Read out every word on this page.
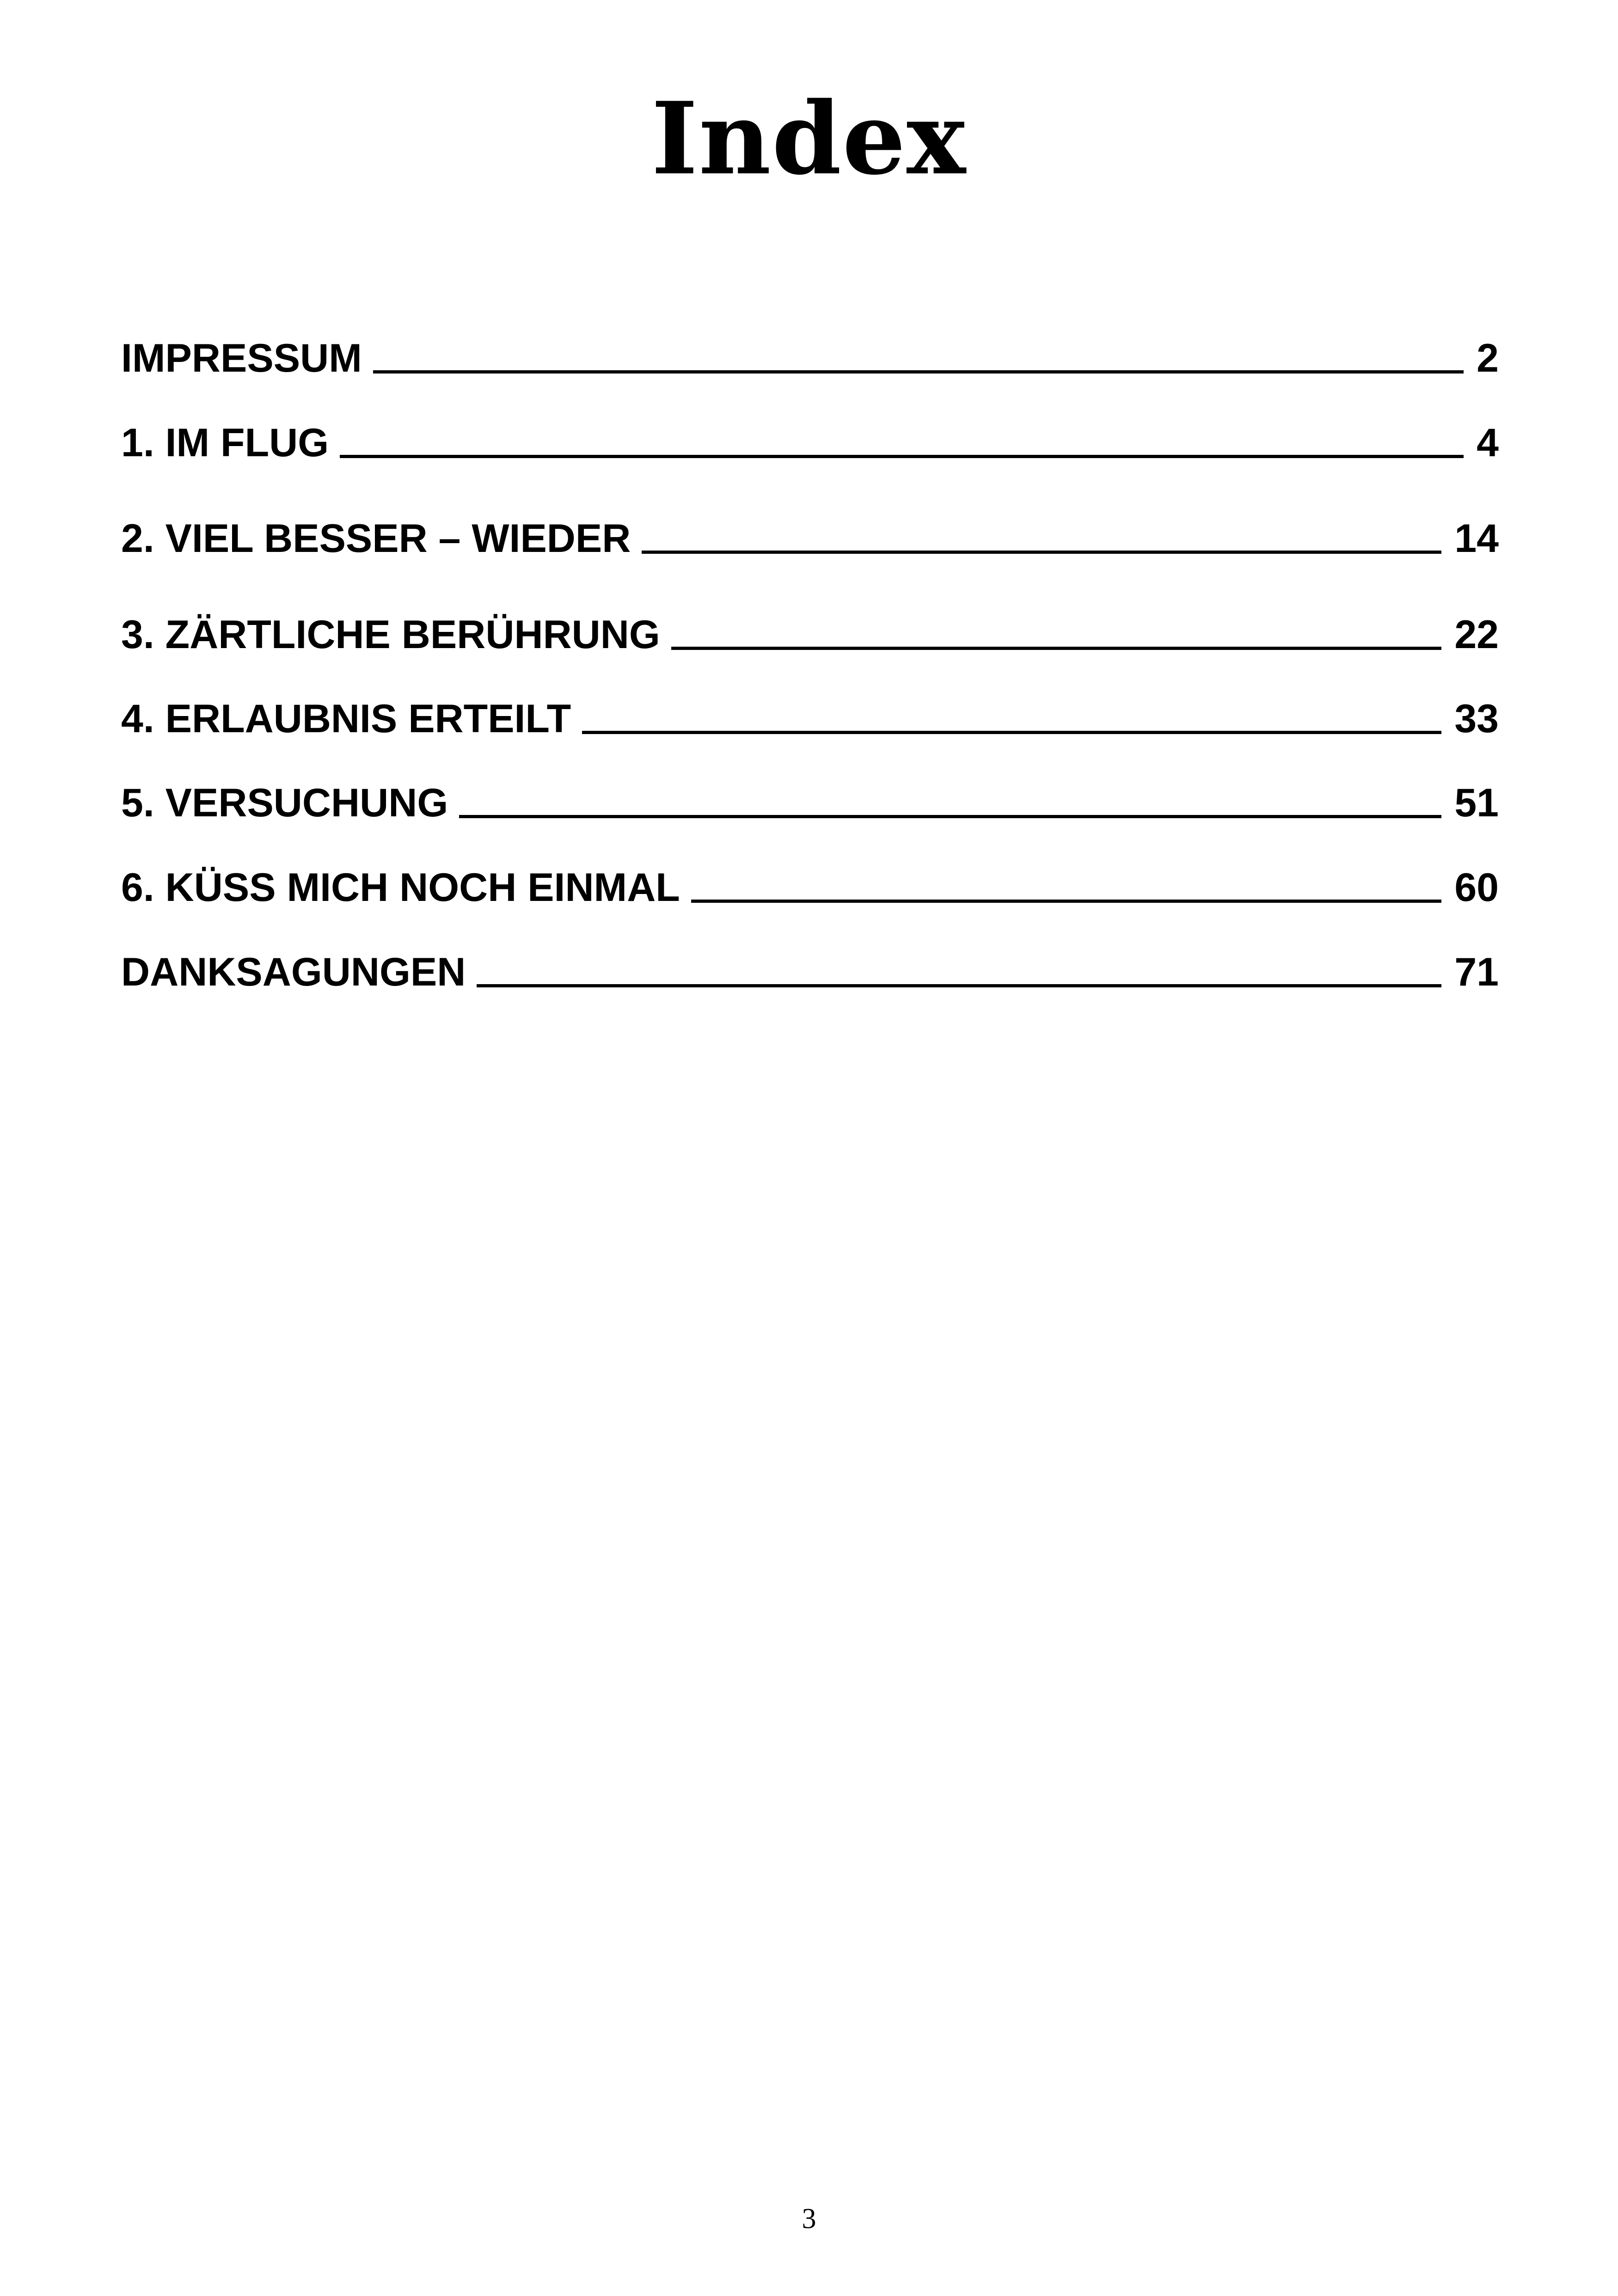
Index
IMPRESSUM	2
1. IM FLUG	4
2. VIEL BESSER – WIEDER	14
3. ZÄRTLICHE BERÜHRUNG	22
4. ERLAUBNIS ERTEILT	33
5. VERSUCHUNG	51
6. KÜSS MICH NOCH EINMAL	60
DANKSAGUNGEN	71
3
